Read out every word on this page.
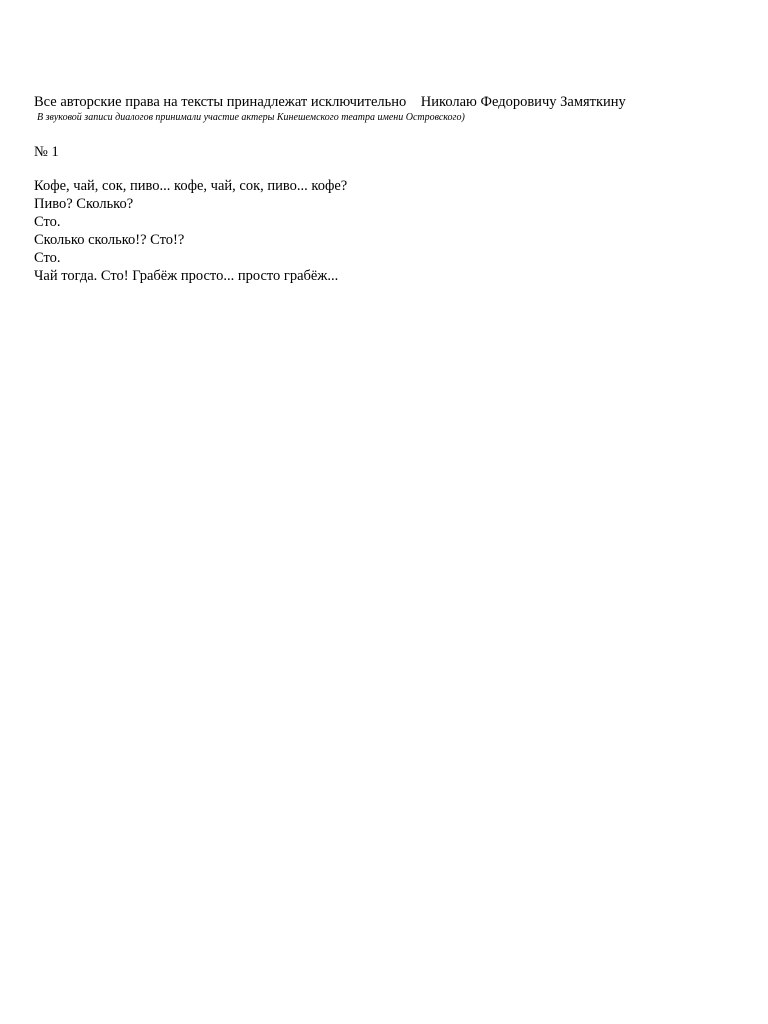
Все авторские права на тексты принадлежат исключительно    Николаю Федоровичу Замяткину
В звуковой записи диалогов принимали участие актеры Кинешемского театра имени Островского)
№ 1
Кофе, чай, сок, пиво... кофе, чай, сок, пиво... кофе?
Пиво? Сколько?
Сто.
Сколько сколько!? Сто!?
Сто.
Чай тогда. Сто! Грабёж просто... просто грабёж...
